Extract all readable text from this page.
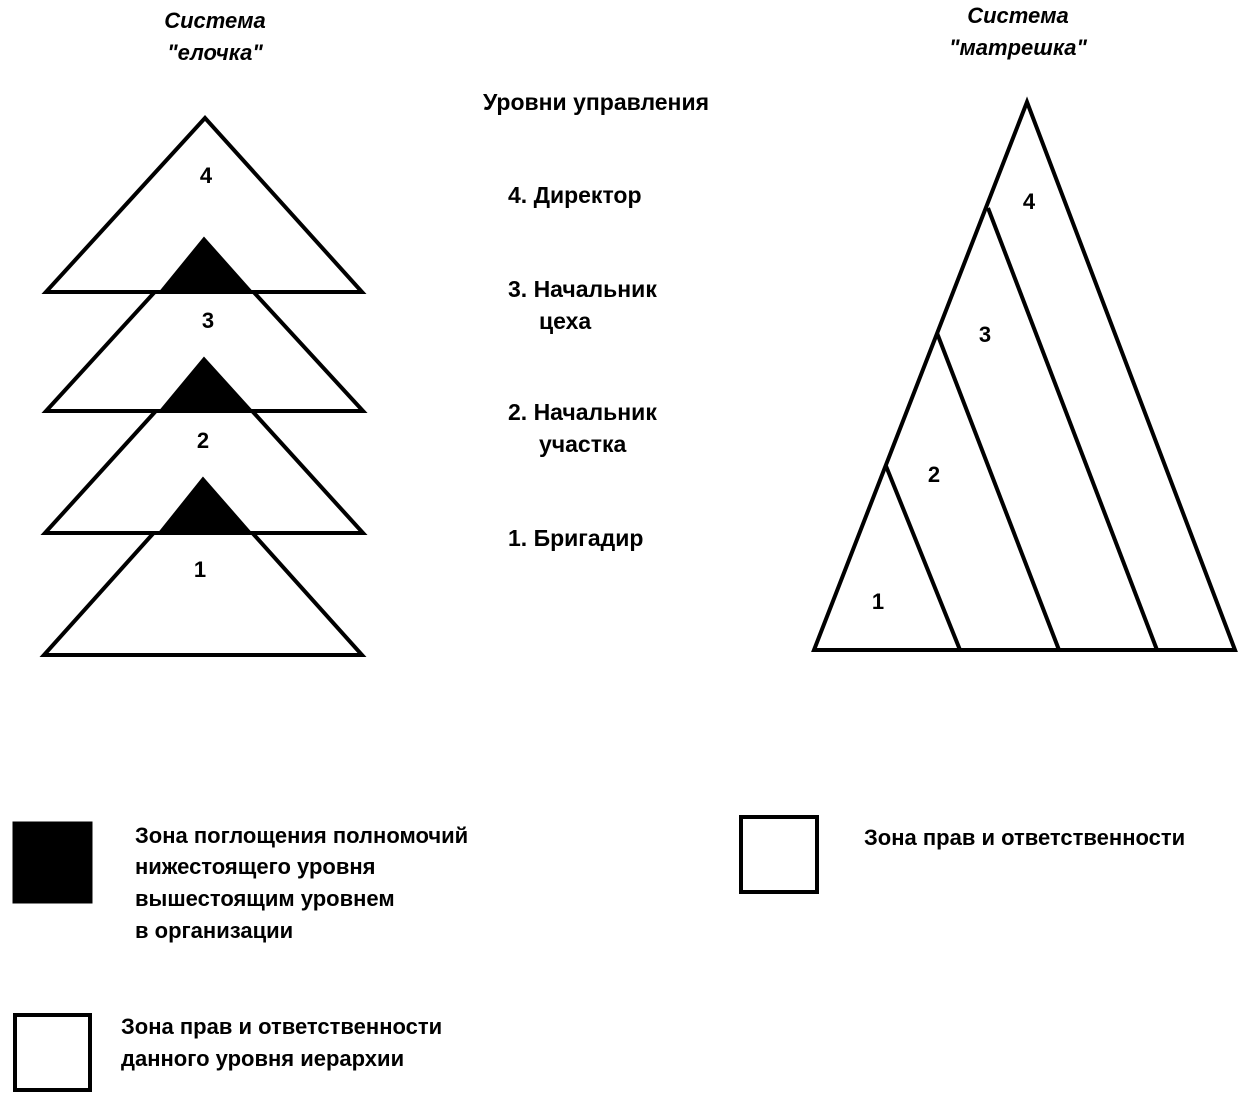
Система
"елочка"
4
3
2
1
Уровни управления
4. Директор
3. Начальник
цеха
2. Начальник
участка
1. Бригадир
Система
"матрешка"
4
3
2
1
Зона поглощения полномочий
нижестоящего уровня
вышестоящим уровнем
в организации
Зона прав и ответственности
Зона прав и ответственности
данного уровня иерархии
